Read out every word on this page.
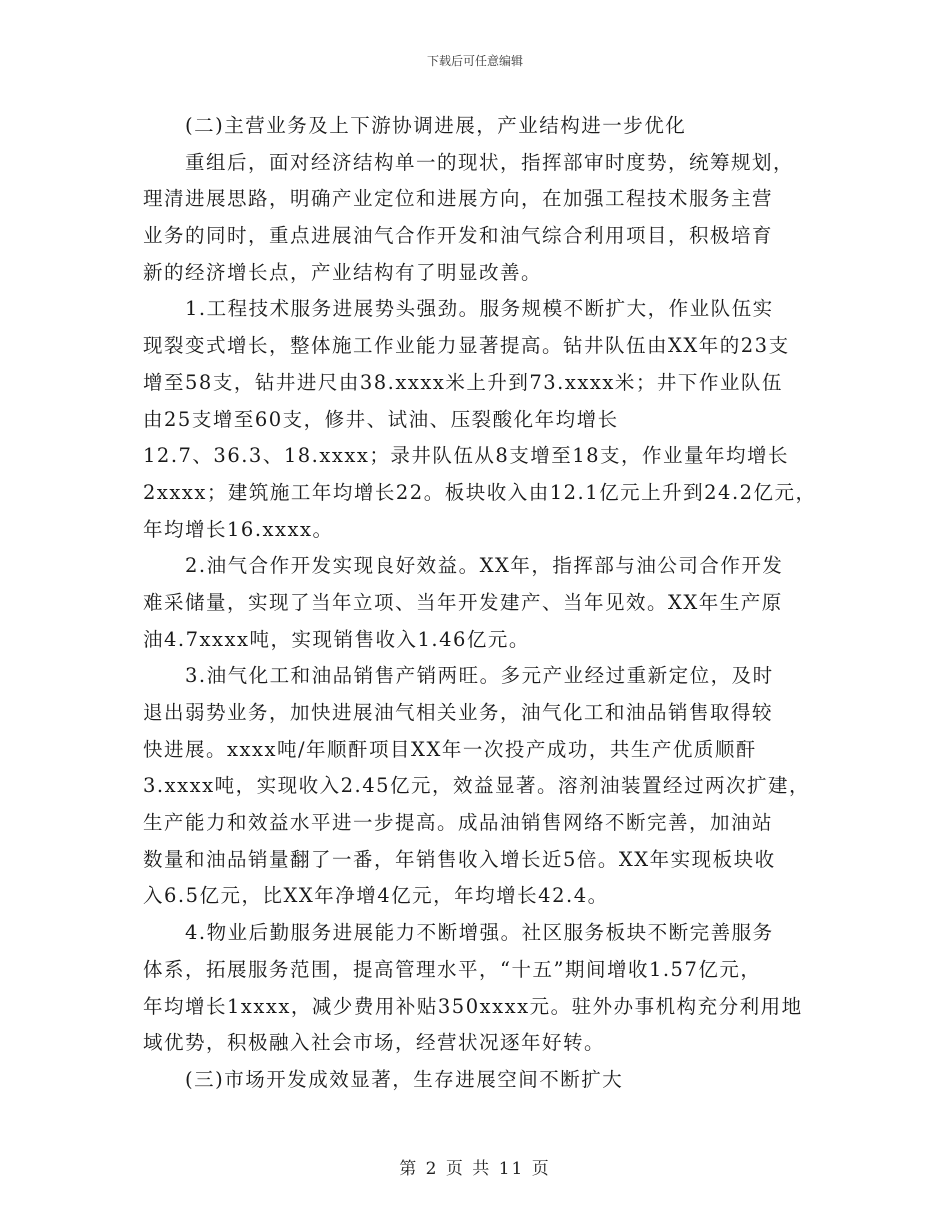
下载后可任意编辑
(二)主营业务及上下游协调进展，产业结构进一步优化
重组后，面对经济结构单一的现状，指挥部审时度势，统筹规划，
理清进展思路，明确产业定位和进展方向，在加强工程技术服务主营
业务的同时，重点进展油气合作开发和油气综合利用项目，积极培育
新的经济增长点，产业结构有了明显改善。
1.工程技术服务进展势头强劲。服务规模不断扩大，作业队伍实
现裂变式增长，整体施工作业能力显著提高。钻井队伍由XX年的23支
增至58支，钻井进尺由38.xxxx米上升到73.xxxx米；井下作业队伍
由25支增至60支，修井、试油、压裂酸化年均增长
12.7、36.3、18.xxxx；录井队伍从8支增至18支，作业量年均增长
2xxxx；建筑施工年均增长22。板块收入由12.1亿元上升到24.2亿元，
年均增长16.xxxx。
2.油气合作开发实现良好效益。XX年，指挥部与油公司合作开发
难采储量，实现了当年立项、当年开发建产、当年见效。XX年生产原
油4.7xxxx吨，实现销售收入1.46亿元。
3.油气化工和油品销售产销两旺。多元产业经过重新定位，及时
退出弱势业务，加快进展油气相关业务，油气化工和油品销售取得较
快进展。xxxx吨/年顺酐项目XX年一次投产成功，共生产优质顺酐
3.xxxx吨，实现收入2.45亿元，效益显著。溶剂油装置经过两次扩建，
生产能力和效益水平进一步提高。成品油销售网络不断完善，加油站
数量和油品销量翻了一番，年销售收入增长近5倍。XX年实现板块收
入6.5亿元，比XX年净增4亿元，年均增长42.4。
4.物业后勤服务进展能力不断增强。社区服务板块不断完善服务
体系，拓展服务范围，提高管理水平，“十五”期间增收1.57亿元，
年均增长1xxxx，减少费用补贴350xxxx元。驻外办事机构充分利用地
域优势，积极融入社会市场，经营状况逐年好转。
(三)市场开发成效显著，生存进展空间不断扩大
第 2 页 共 11 页
